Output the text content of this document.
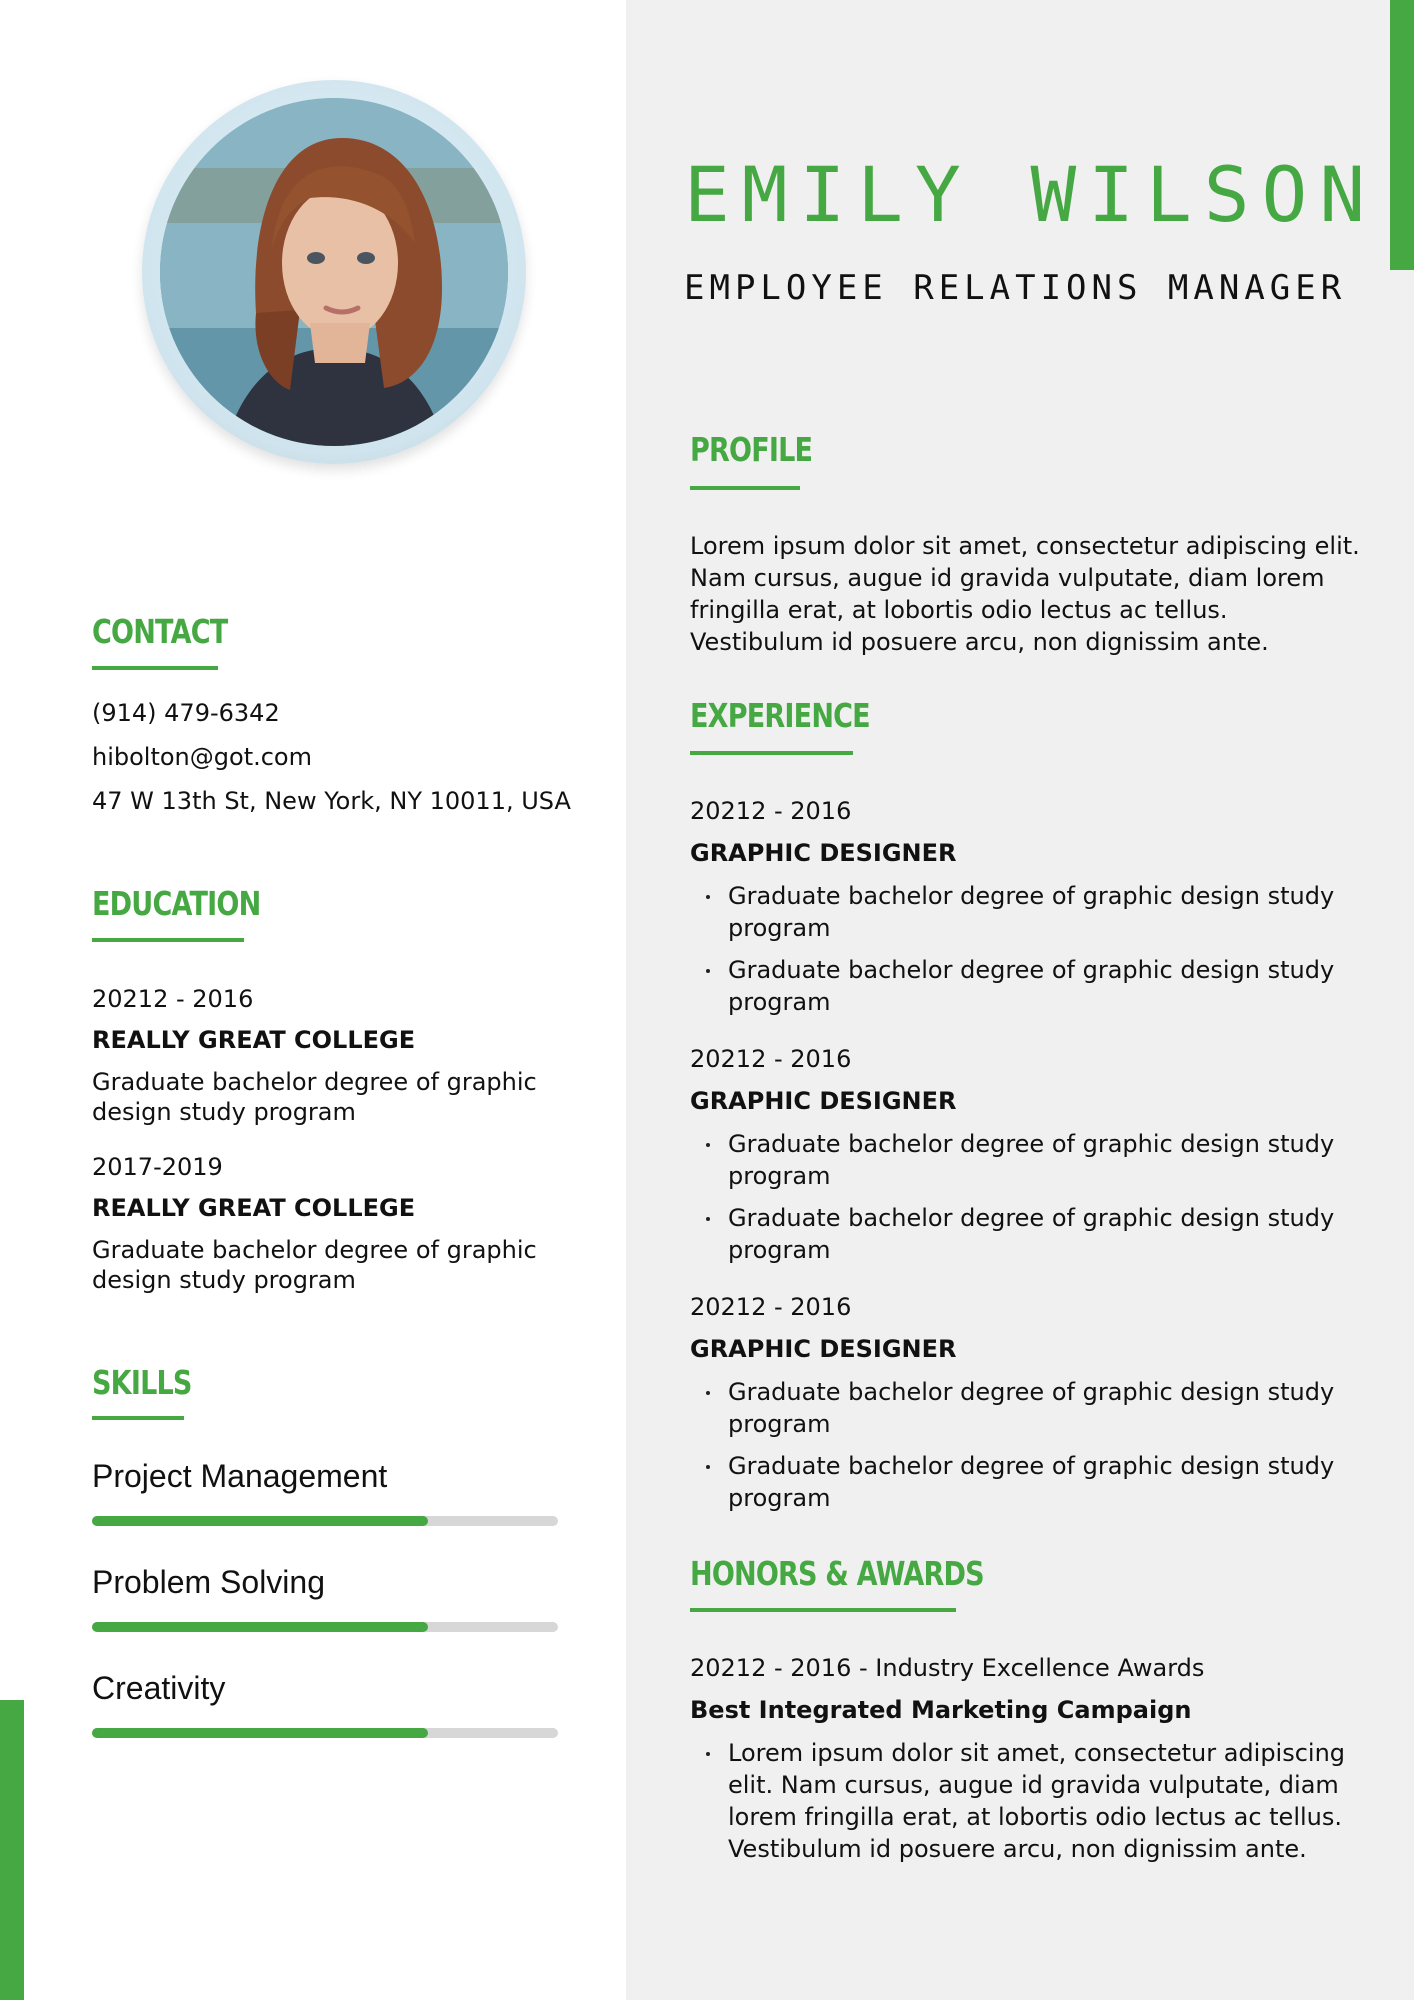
CONTACT
(914) 479-6342
hibolton@got.com
47 W 13th St, New York, NY 10011, USA
EDUCATION
20212 - 2016
REALLY GREAT COLLEGE
Graduate bachelor degree of graphic
design study program
2017-2019
REALLY GREAT COLLEGE
Graduate bachelor degree of graphic
design study program
SKILLS
Project Management
Problem Solving
Creativity
EMILY WILSON
EMPLOYEE RELATIONS MANAGER
PROFILE
Lorem ipsum dolor sit amet, consectetur adipiscing elit. Nam cursus, augue id gravida vulputate, diam lorem fringilla erat, at lobortis odio lectus ac tellus. Vestibulum id posuere arcu, non dignissim ante.
EXPERIENCE
20212 - 2016
GRAPHIC DESIGNER
Graduate bachelor degree of graphic design study program
Graduate bachelor degree of graphic design study program
20212 - 2016
GRAPHIC DESIGNER
Graduate bachelor degree of graphic design study program
Graduate bachelor degree of graphic design study program
20212 - 2016
GRAPHIC DESIGNER
Graduate bachelor degree of graphic design study program
Graduate bachelor degree of graphic design study program
HONORS & AWARDS
20212 - 2016 - Industry Excellence Awards
Best Integrated Marketing Campaign
Lorem ipsum dolor sit amet, consectetur adipiscing elit. Nam cursus, augue id gravida vulputate, diam lorem fringilla erat, at lobortis odio lectus ac tellus. Vestibulum id posuere arcu, non dignissim ante.
